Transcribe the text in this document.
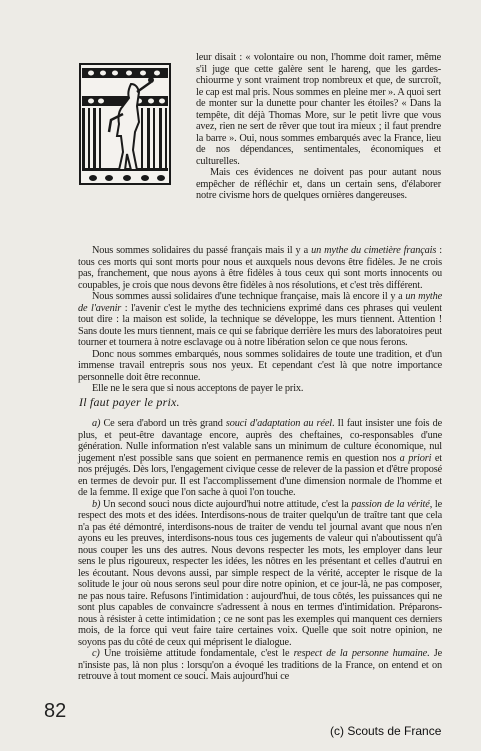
leur disait : « volontaire ou non, l'homme doit ramer, même s'il juge que cette galère sent le hareng, que les gardes-chiourme y sont vraiment trop nombreux et que, de surcroît, le cap est mal pris. Nous sommes en pleine mer ». A quoi sert de monter sur la dunette pour chanter les étoiles? « Dans la tempête, dit déjà Thomas More, sur le petit livre que vous avez, rien ne sert de rêver que tout ira mieux ; il faut prendre la barre ». Oui, nous sommes embarqués avec la France, lieu de nos dépendances, sentimentales, économiques et culturelles.

Mais ces évidences ne doivent pas pour autant nous empêcher de réfléchir et, dans un certain sens, d'élaborer notre civisme hors de quelques ornières dangereuses.

Nous sommes solidaires du passé français mais il y a un mythe du cimetière français : tous ces morts qui sont morts pour nous et auxquels nous devons être fidèles. Je ne crois pas, franchement, que nous ayons à être fidèles à tous ceux qui sont morts innocents ou coupables, je crois que nous devons être fidèles à nos résolutions, et c'est très différent.

Nous sommes aussi solidaires d'une technique française, mais là encore il y a un mythe de l'avenir : l'avenir c'est le mythe des techniciens exprimé dans ces phrases qui veulent tout dire : la maison est solide, la technique se développe, les murs tiennent. Attention ! Sans doute les murs tiennent, mais ce qui se fabrique derrière les murs des laboratoires peut tourner et tournera à notre esclavage ou à notre libération selon ce que nous ferons.

Donc nous sommes embarqués, nous sommes solidaires de toute une tradition, et d'un immense travail entrepris sous nos yeux. Et cependant c'est là que notre importance personnelle doit être reconnue.

Elle ne le sera que si nous acceptons de payer le prix.

Il faut payer le prix.

a) Ce sera d'abord un très grand souci d'adaptation au réel. Il faut insister une fois de plus, et peut-être davantage encore, auprès des cheftaines, co-responsables d'une génération. Nulle information n'est valable sans un minimum de culture économique, nul jugement n'est possible sans que soient en permanence remis en question nos a priori et nos préjugés. Dès lors, l'engagement civique cesse de relever de la passion et d'être proposé en termes de devoir pur. Il est l'accomplissement d'une dimension normale de l'homme et de la femme. Il exige que l'on sache à quoi l'on touche.

b) Un second souci nous dicte aujourd'hui notre attitude, c'est la passion de la vérité, le respect des mots et des idées. Interdisons-nous de traiter quelqu'un de traître tant que cela n'a pas été démontré, interdisons-nous de traiter de vendu tel journal avant que nous n'en ayons eu les preuves, interdisons-nous tous ces jugements de valeur qui n'aboutissent qu'à nous couper les uns des autres. Nous devons respecter les mots, les employer dans leur sens le plus rigoureux, respecter les idées, les nôtres en les présentant et celles d'autrui en les écoutant. Nous devons aussi, par simple respect de la vérité, accepter le risque de la solitude le jour où nous serons seul pour dire notre opinion, et ce jour-là, ne pas composer, ne pas nous taire. Refusons l'intimidation : aujourd'hui, de tous côtés, les puissances qui ne sont plus capables de convaincre s'adressent à nous en termes d'intimidation. Préparons-nous à résister à cette intimidation ; ce ne sont pas les exemples qui manquent ces derniers mois, de la force qui veut faire taire certaines voix. Quelle que soit notre opinion, ne soyons pas du côté de ceux qui méprisent le dialogue.

c) Une troisième attitude fondamentale, c'est le respect de la personne humaine. Je n'insiste pas, là non plus : lorsqu'on a évoqué les traditions de la France, on entend et on retrouve à tout moment ce souci. Mais aujourd'hui ce

82
(c) Scouts de France
